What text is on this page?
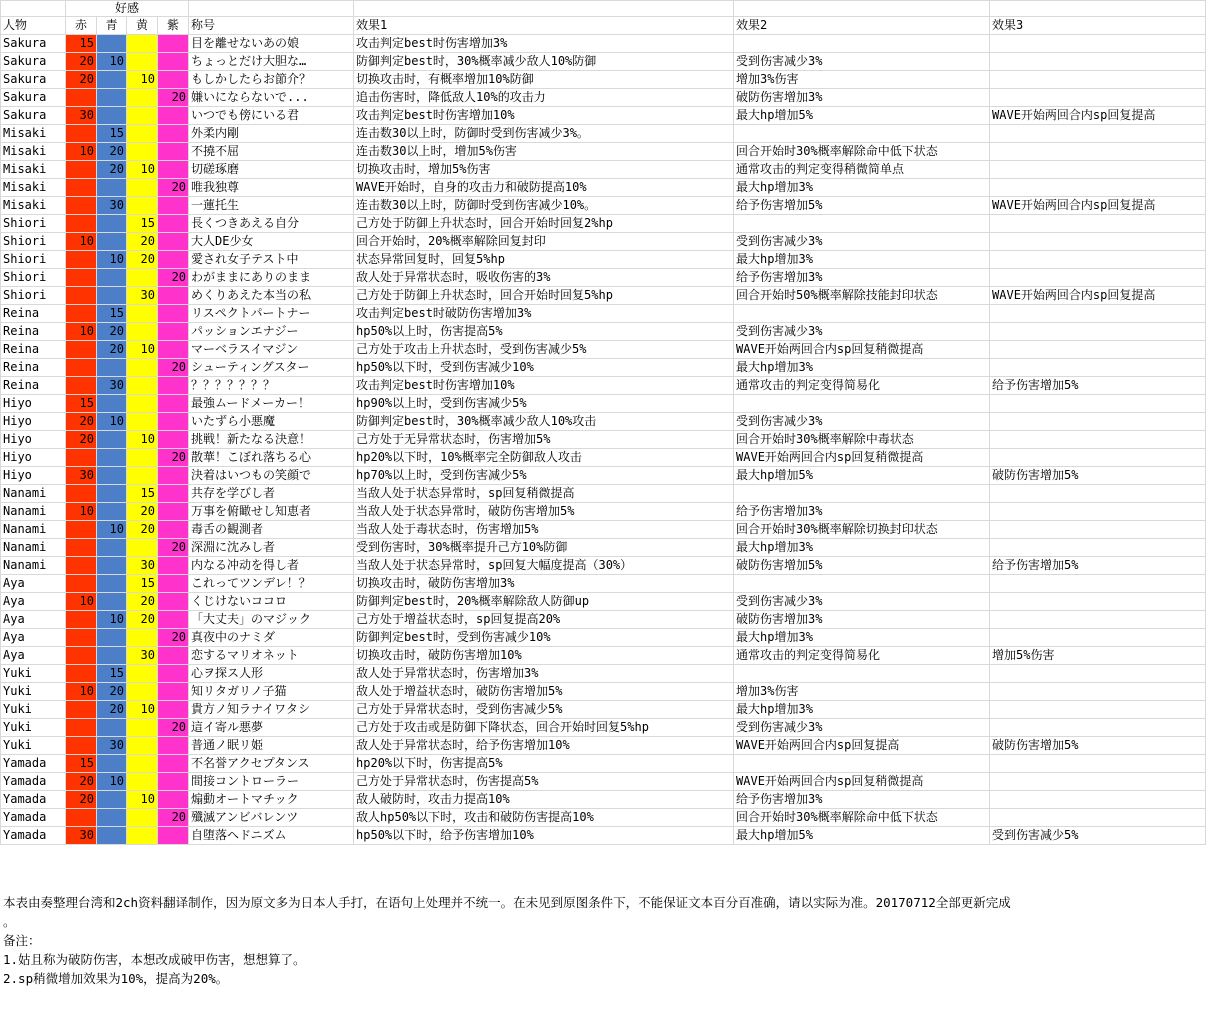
	好感							
人物	赤	青	黄	紫	称号	效果1	效果2	效果3
Sakura	15				目を離せないあの娘	攻击判定best时伤害增加3%		
Sakura	20	10			ちょっとだけ大胆な…	防御判定best时，30%概率减少敌人10%防御	受到伤害减少3%	
Sakura	20		10		もしかしたらお節介？	切换攻击时，有概率增加10%防御	增加3%伤害	
Sakura				20	嫌いにならないで...	追击伤害时，降低敌人10%的攻击力	破防伤害增加3%	
Sakura	30				いつでも傍にいる君	攻击判定best时伤害增加10%	最大hp增加5%	WAVE开始两回合内sp回复提高
Misaki		15			外柔内剛	连击数30以上时，防御时受到伤害减少3%。		
Misaki	10	20			不撓不屈	连击数30以上时，增加5%伤害	回合开始时30%概率解除命中低下状态	
Misaki		20	10		切磋琢磨	切换攻击时，增加5%伤害	通常攻击的判定变得稍微简单点	
Misaki				20	唯我独尊	WAVE开始时，自身的攻击力和破防提高10%	最大hp增加3%	
Misaki		30			一蓮托生	连击数30以上时，防御时受到伤害减少10%。	给予伤害增加5%	WAVE开始两回合内sp回复提高
Shiori			15		長くつきあえる自分	己方处于防御上升状态时，回合开始时回复2%hp		
Shiori	10		20		大人DE少女	回合开始时，20%概率解除回复封印	受到伤害减少3%	
Shiori		10	20		愛され女子テスト中	状态异常回复时，回复5%hp	最大hp增加3%	
Shiori				20	わがままにありのまま	敌人处于异常状态时，吸收伤害的3%	给予伤害增加3%	
Shiori			30		めくりあえた本当の私	己方处于防御上升状态时，回合开始时回复5%hp	回合开始时50%概率解除技能封印状态	WAVE开始两回合内sp回复提高
Reina		15			リスペクトパートナー	攻击判定best时破防伤害增加3%		
Reina	10	20			パッションエナジー	hp50%以上时，伤害提高5%	受到伤害减少3%	
Reina		20	10		マーベラスイマジン	己方处于攻击上升状态时，受到伤害减少5%	WAVE开始两回合内sp回复稍微提高	
Reina				20	シューティングスター	hp50%以下时，受到伤害减少10%	最大hp增加3%	
Reina		30			？？？？？？？	攻击判定best时伤害增加10%	通常攻击的判定变得简易化	给予伤害增加5%
Hiyo	15				最強ムードメーカー！	hp90%以上时，受到伤害减少5%		
Hiyo	20	10			いたずら小悪魔	防御判定best时，30%概率减少敌人10%攻击	受到伤害减少3%	
Hiyo	20		10		挑戦！新たなる決意！	己方处于无异常状态时，伤害增加5%	回合开始时30%概率解除中毒状态	
Hiyo				20	散華！こぼれ落ちる心	hp20%以下时，10%概率完全防御敌人攻击	WAVE开始两回合内sp回复稍微提高	
Hiyo	30				決着はいつもの笑顔で	hp70%以上时，受到伤害减少5%	最大hp增加5%	破防伤害增加5%
Nanami			15		共存を学びし者	当敌人处于状态异常时，sp回复稍微提高		
Nanami	10		20		万事を俯瞰せし知恵者	当敌人处于状态异常时，破防伤害增加5%	给予伤害增加3%	
Nanami		10	20		毒舌の観測者	当敌人处于毒状态时，伤害增加5%	回合开始时30%概率解除切换封印状态	
Nanami				20	深淵に沈みし者	受到伤害时，30%概率提升己方10%防御	最大hp增加3%	
Nanami			30		内なる冲动を得し者	当敌人处于状态异常时，sp回复大幅度提高（30%）	破防伤害增加5%	给予伤害增加5%
Aya			15		これってツンデレ！？	切换攻击时，破防伤害增加3%		
Aya	10		20		くじけないココロ	防御判定best时，20%概率解除敌人防御up	受到伤害减少3%	
Aya		10	20		「大丈夫」のマジック	己方处于增益状态时，sp回复提高20%	破防伤害增加3%	
Aya				20	真夜中のナミダ	防御判定best时，受到伤害减少10%	最大hp增加3%	
Aya			30		恋するマリオネット	切换攻击时，破防伤害增加10%	通常攻击的判定变得简易化	增加5%伤害
Yuki		15			心ヲ探ス人形	敌人处于异常状态时，伤害增加3%		
Yuki	10	20			知リタガリノ子猫	敌人处于增益状态时，破防伤害增加5%	增加3%伤害	
Yuki		20	10		貴方ノ知ラナイワタシ	己方处于异常状态时，受到伤害减少5%	最大hp增加3%	
Yuki				20	這イ寄ル悪夢	己方处于攻击或是防御下降状态，回合开始时回复5%hp	受到伤害减少3%	
Yuki		30			普通ノ眠リ姫	敌人处于异常状态时，给予伤害增加10%	WAVE开始两回合内sp回复提高	破防伤害增加5%
Yamada	15				不名誉アクセプタンス	hp20%以下时，伤害提高5%		
Yamada	20	10			間接コントローラー	己方处于异常状态时，伤害提高5%	WAVE开始两回合内sp回复稍微提高	
Yamada	20		10		煽動オートマチック	敌人破防时，攻击力提高10%	给予伤害增加3%	
Yamada				20	殲滅アンビバレンツ	敌人hp50%以下时，攻击和破防伤害提高10%	回合开始时30%概率解除命中低下状态	
Yamada	30				自堕落ヘドニズム	hp50%以下时，给予伤害增加10%	最大hp增加5%	受到伤害减少5%
本表由奏整理台湾和2ch资料翻译制作，因为原文多为日本人手打，在语句上处理并不统一。在未见到原图条件下，不能保证文本百分百准确，请以实际为准。20170712全部更新完成
。
备注：
1.姑且称为破防伤害，本想改成破甲伤害，想想算了。
2.sp稍微增加效果为10%，提高为20%。
